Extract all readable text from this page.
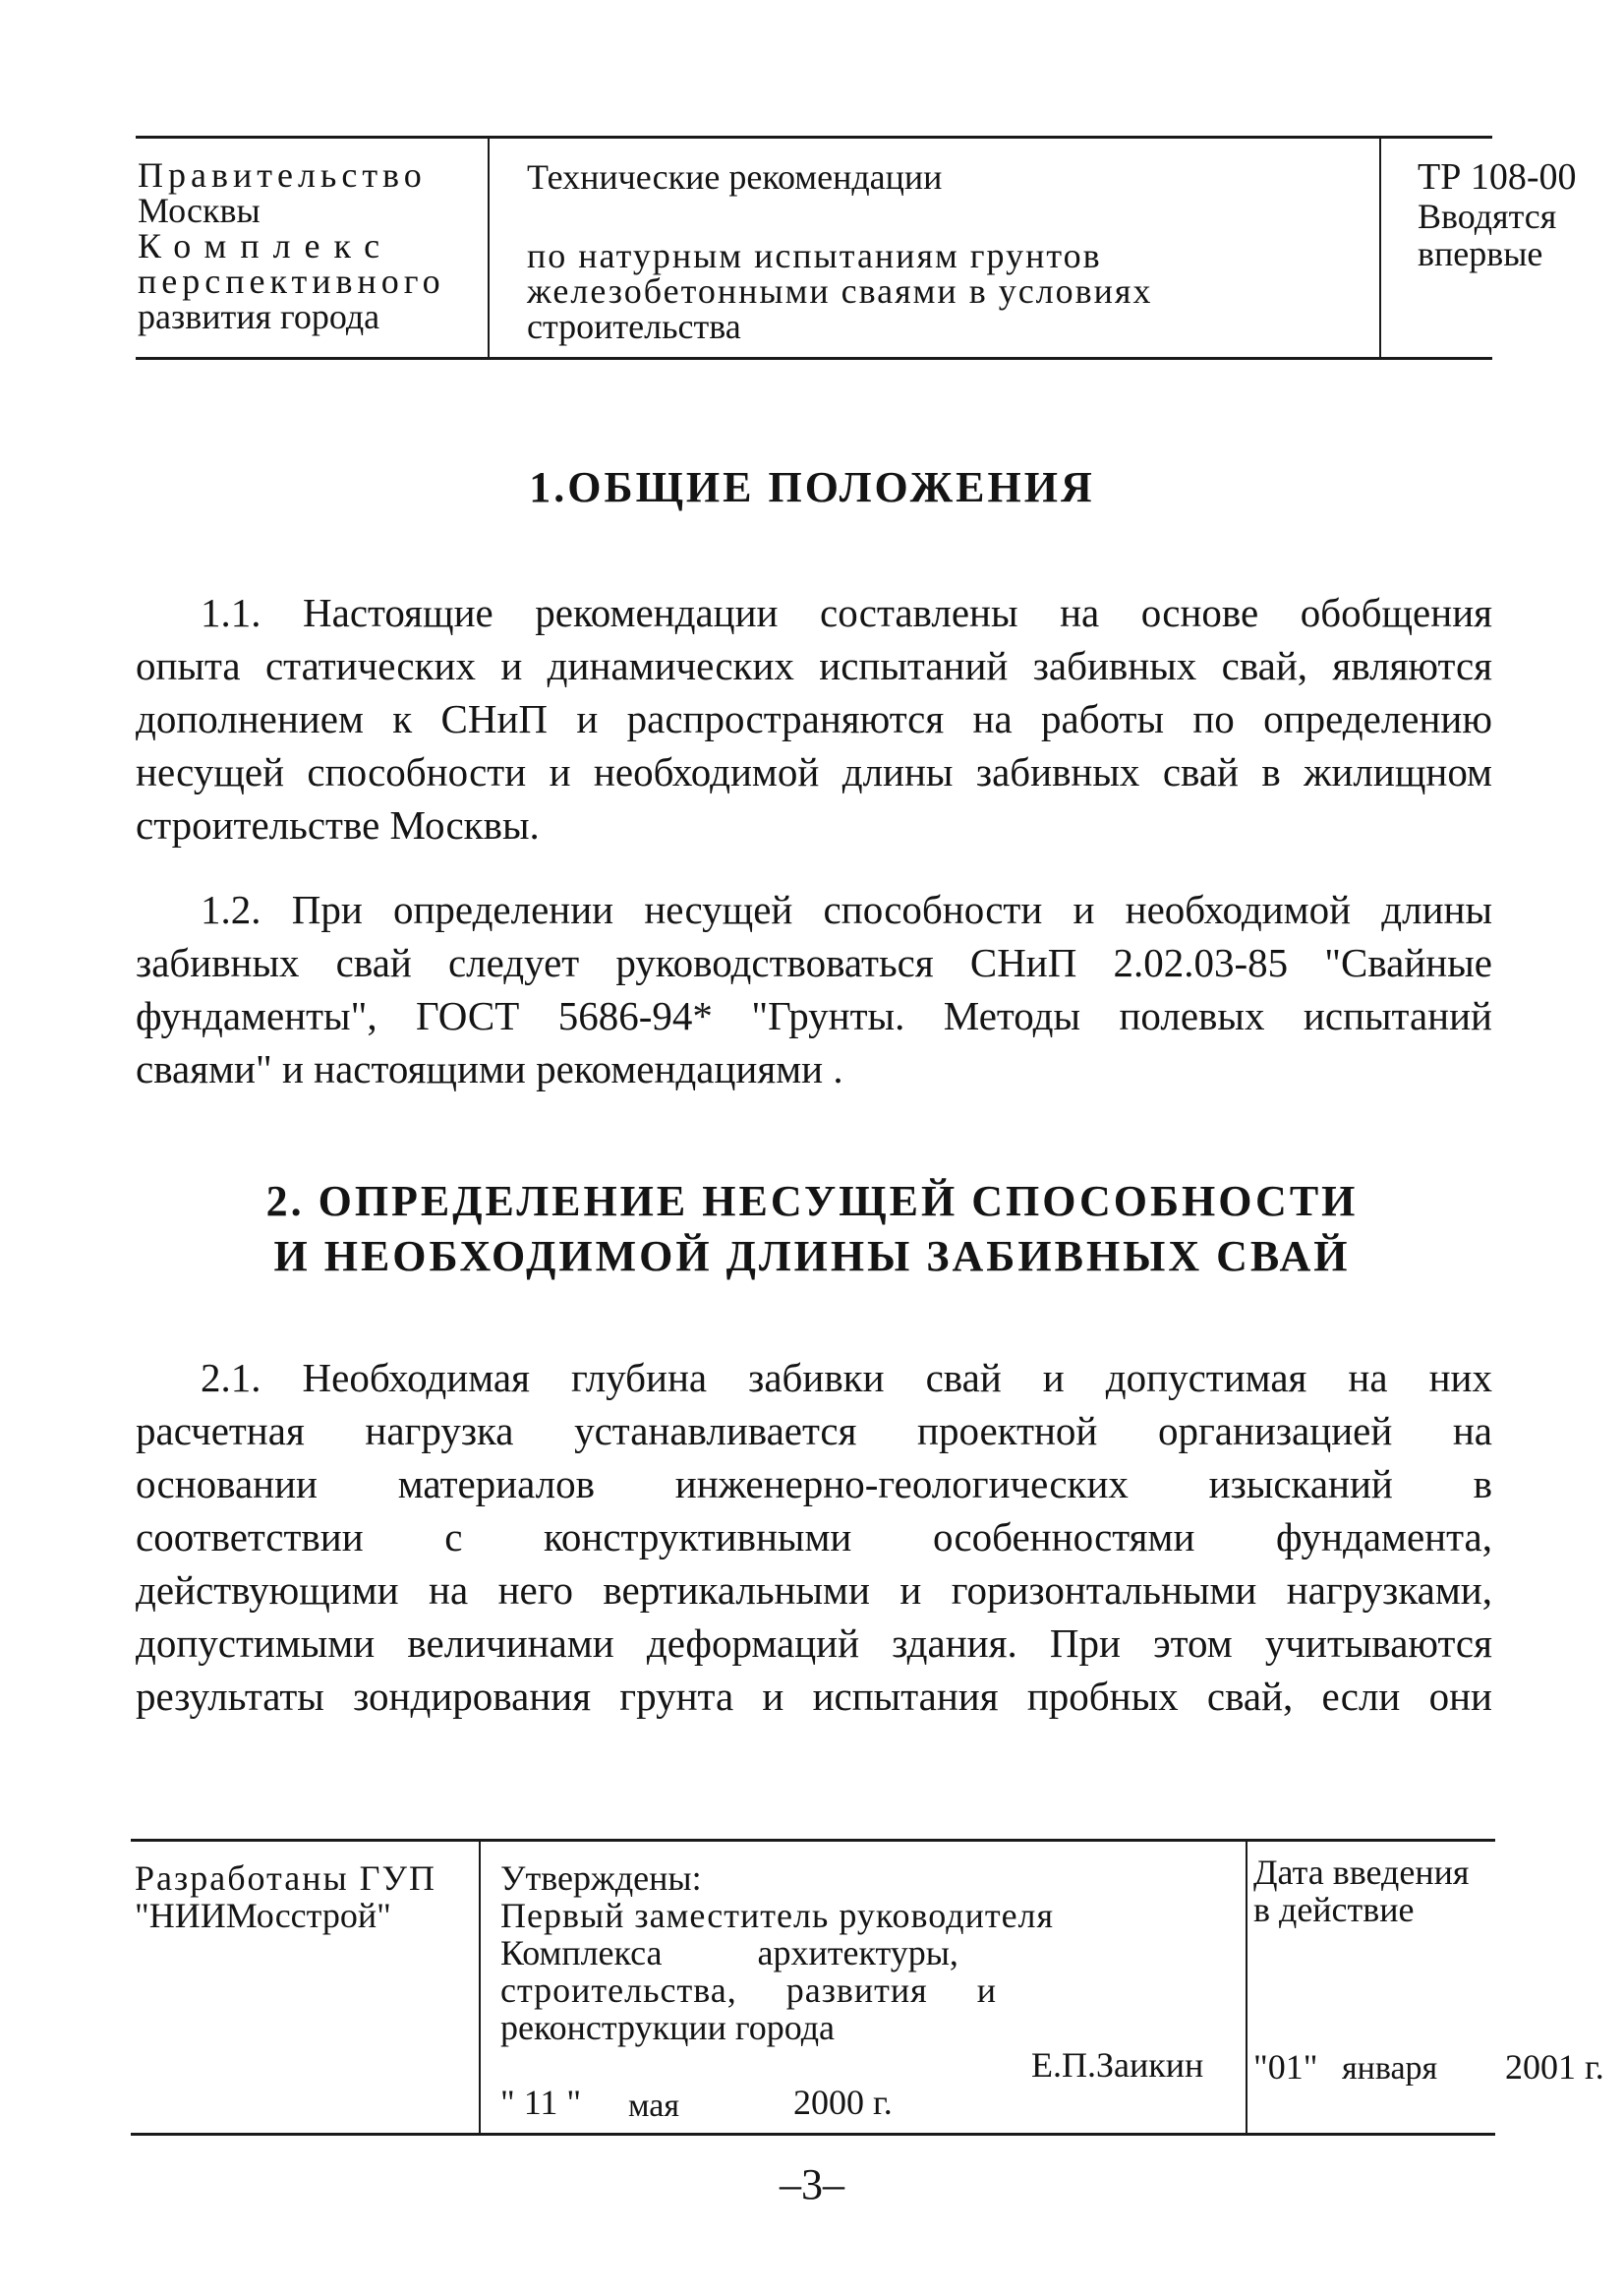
Правительство
Москвы
Комплекс
перспективного
развития города
Технические рекомендации
по натурным испытаниям грунтов
железобетонными сваями в условиях
строительства
ТР 108-00
Вводятся
впервые
1.ОБЩИЕ ПОЛОЖЕНИЯ
1.1. Настоящие рекомендации составлены на основе обобщения
опыта статических и динамических испытаний забивных свай, являются
дополнением к СНиП и распространяются на работы по определению
несущей способности и необходимой длины забивных свай в жилищном
строительстве Москвы.
1.2. При определении несущей способности и необходимой длины
забивных свай следует руководствоваться СНиП 2.02.03-85 "Свайные
фундаменты", ГОСТ 5686-94* "Грунты. Методы полевых испытаний
сваями" и настоящими рекомендациями .
2. ОПРЕДЕЛЕНИЕ НЕСУЩЕЙ СПОСОБНОСТИ
И НЕОБХОДИМОЙ ДЛИНЫ ЗАБИВНЫХ СВАЙ
2.1. Необходимая глубина забивки свай и допустимая на них
расчетная нагрузка устанавливается проектной организацией на
основании материалов инженерно-геологических изысканий в
соответствии с конструктивными особенностями фундамента,
действующими на него вертикальными и горизонтальными нагрузками,
допустимыми величинами деформаций здания. При этом учитываются
результаты зондирования грунта и испытания пробных свай, если они
Разработаны ГУП
"НИИМосстрой"
Утверждены:
Первый заместитель руководителя
Комплекса архитектуры,
строительства, развития и
реконструкции города
Е.П.Заикин
" 11 " мая	2000 г.
Дата введения
в действие
"01" января 2001 г.
–3–
